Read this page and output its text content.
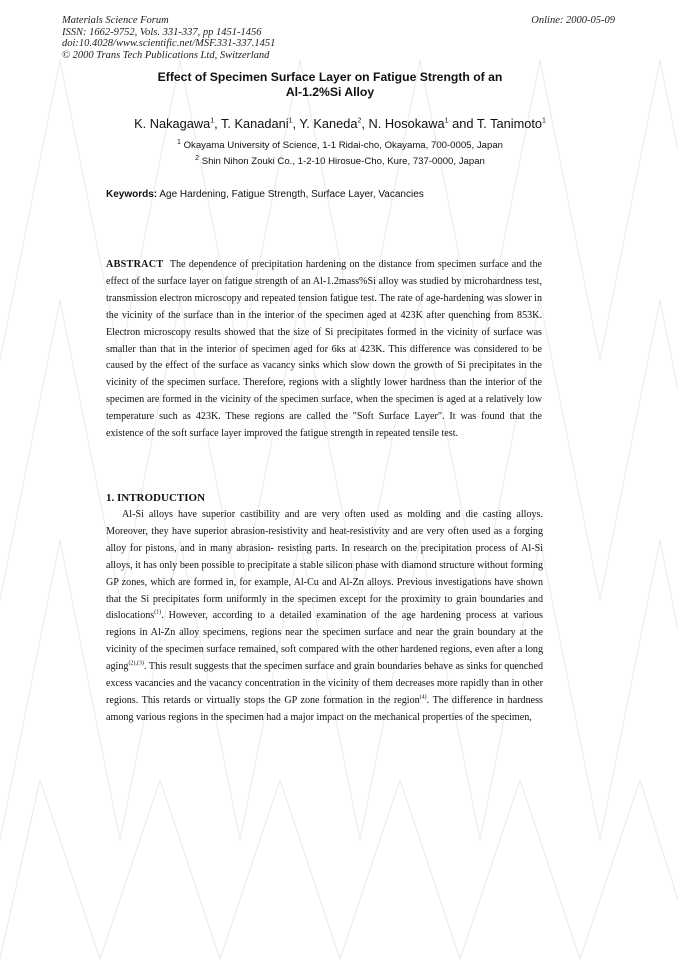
Materials Science Forum
ISSN: 1662-9752, Vols. 331-337, pp 1451-1456
doi:10.4028/www.scientific.net/MSF.331-337.1451
© 2000 Trans Tech Publications Ltd, Switzerland
Online: 2000-05-09
Effect of Specimen Surface Layer on Fatigue Strength of an
Al-1.2%Si Alloy
K. Nakagawa$^1$, T. Kanadani$^1$, Y. Kaneda$^2$, N. Hosokawa$^1$ and T. Tanimoto$^1$
$^1$ Okayama University of Science, 1-1 Ridai-cho, Okayama, 700-0005, Japan
$^2$ Shin Nihon Zouki Co., 1-2-10 Hirosue-Cho, Kure, 737-0000, Japan
Keywords: Age Hardening, Fatigue Strength, Surface Layer, Vacancies
ABSTRACT The dependence of precipitation hardening on the distance from specimen surface and the effect of the surface layer on fatigue strength of an Al-1.2mass%Si alloy was studied by microhardness test, transmission electron microscopy and repeated tension fatigue test. The rate of age-hardening was slower in the vicinity of the surface than in the interior of the specimen aged at 423K after quenching from 853K. Electron microscopy results showed that the size of Si precipitates formed in the vicinity of surface was smaller than that in the interior of specimen aged for 6ks at 423K. This difference was considered to be caused by the effect of the surface as vacancy sinks which slow down the growth of Si precipitates in the vicinity of the specimen surface. Therefore, regions with a slightly lower hardness than the interior of the specimen are formed in the vicinity of the specimen surface, when the specimen is aged at a relatively low temperature such as 423K. These regions are called the "Soft Surface Layer". It was found that the existence of the soft surface layer improved the fatigue strength in repeated tensile test.
1. INTRODUCTION

Al-Si alloys have superior castibility and are very often used as molding and die casting alloys. Moreover, they have superior abrasion-resistivity and heat-resistivity and are very often used as a forging alloy for pistons, and in many abrasion- resisting parts. In research on the precipitation process of Al-Si alloys, it has only been possible to precipitate a stable silicon phase with diamond structure without forming GP zones, which are formed in, for example, Al-Cu and Al-Zn alloys. Previous investigations have shown that the Si precipitates form uniformly in the specimen except for the proximity to grain boundaries and dislocations$^{(1)}$. However, according to a detailed examination of the age hardening process at various regions in Al-Zn alloy specimens, regions near the specimen surface and near the grain boundary at the vicinity of the specimen surface remained, soft compared with the other hardened regions, even after a long aging$^{(2),(3)}$. This result suggests that the specimen surface and grain boundaries behave as sinks for quenched excess vacancies and the vacancy concentration in the vicinity of them decreases more rapidly than in other regions. This retards or virtually stops the GP zone formation in the region$^{(4)}$. The difference in hardness among various regions in the specimen had a major impact on the mechanical properties of the specimen,
